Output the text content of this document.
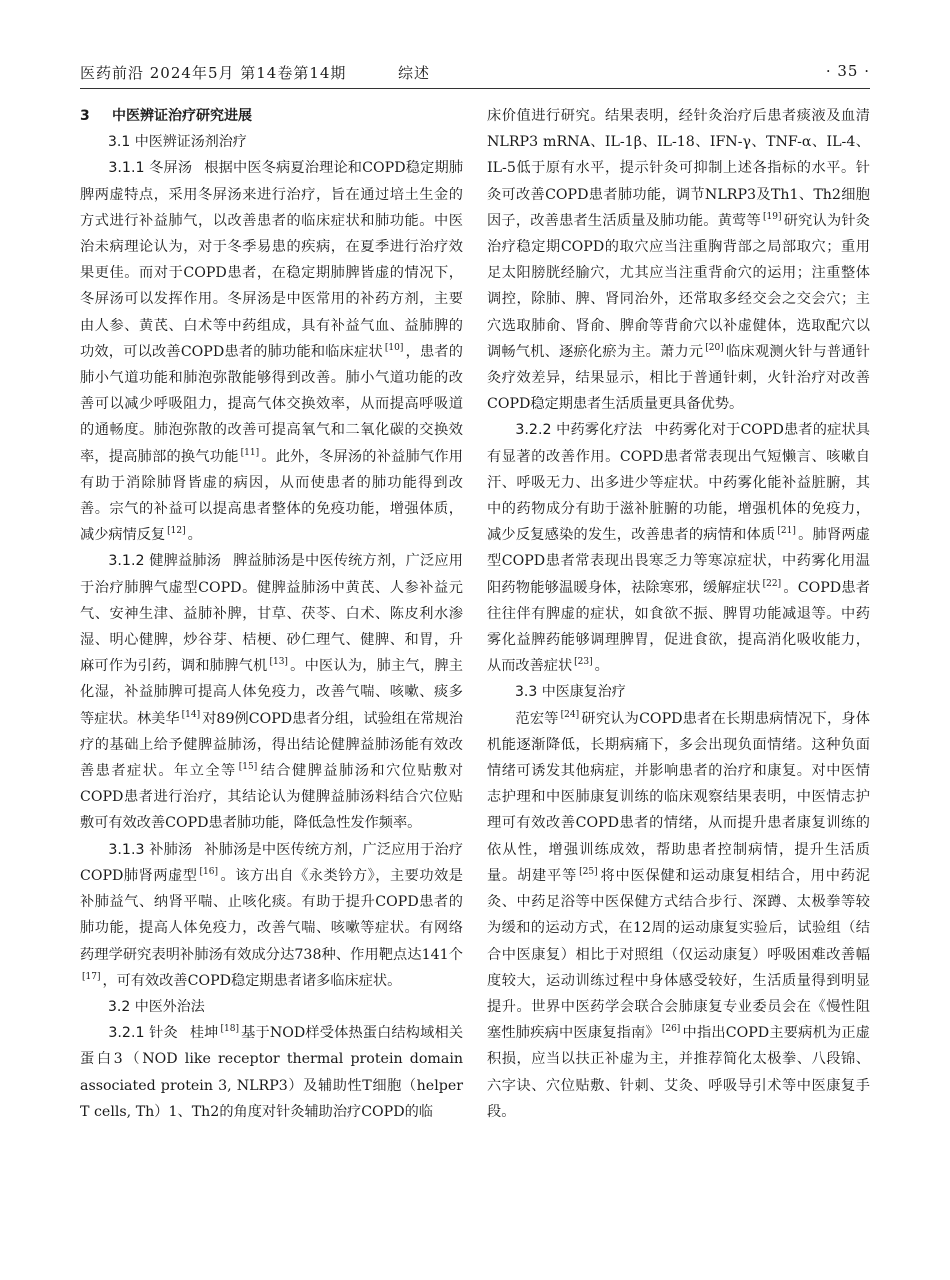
医药前沿 2024年5月 第14卷第14期	综述	· 35 ·

3 中医辨证治疗研究进展

3.1 中医辨证汤剂治疗

3.1.1 冬屏汤 根据中医冬病夏治理论和COPD稳定期肺脾两虚特点，采用冬屏汤来进行治疗，旨在通过培土生金的方式进行补益肺气，以改善患者的临床症状和肺功能。中医治未病理论认为，对于冬季易患的疾病，在夏季进行治疗效果更佳。而对于COPD患者，在稳定期肺脾皆虚的情况下，冬屏汤可以发挥作用。冬屏汤是中医常用的补药方剂，主要由人参、黄芪、白术等中药组成，具有补益气血、益肺脾的功效，可以改善COPD患者的肺功能和临床症状 [10] ，患者的肺小气道功能和肺泡弥散能够得到改善。肺小气道功能的改善可以减少呼吸阻力，提高气体交换效率，从而提高呼吸道的通畅度。肺泡弥散的改善可提高氧气和二氧化碳的交换效率，提高肺部的换气功能 [11] 。此外，冬屏汤的补益肺气作用有助于消除肺肾皆虚的病因，从而使患者的肺功能得到改善。宗气的补益可以提高患者整体的免疫功能，增强体质，减少病情反复 [12] 。

3.1.2 健脾益肺汤 脾益肺汤是中医传统方剂，广泛应用于治疗肺脾气虚型COPD。健脾益肺汤中黄芪、人参补益元气、安神生津、益肺补脾，甘草、茯苓、白术、陈皮利水渗湿、明心健脾，炒谷芽、桔梗、砂仁理气、健脾、和胃，升麻可作为引药，调和肺脾气机 [13] 。中医认为，肺主气，脾主化湿，补益肺脾可提高人体免疫力，改善气喘、咳嗽、痰多等症状。林美华 [14] 对89例COPD患者分组，试验组在常规治疗的基础上给予健脾益肺汤，得出结论健脾益肺汤能有效改善患者症状。年立全等 [15] 结合健脾益肺汤和穴位贴敷对COPD患者进行治疗，其结论认为健脾益肺汤料结合穴位贴敷可有效改善COPD患者肺功能，降低急性发作频率。

3.1.3 补肺汤 补肺汤是中医传统方剂，广泛应用于治疗COPD肺肾两虚型 [16] 。该方出自《永类钤方》，主要功效是补肺益气、纳肾平喘、止咳化痰。有助于提升COPD患者的肺功能，提高人体免疫力，改善气喘、咳嗽等症状。有网络药理学研究表明补肺汤有效成分达738种、作用靶点达141个[17] ，可有效改善COPD稳定期患者诸多临床症状。

3.2 中医外治法

3.2.1 针灸 桂坤 [18] 基于NOD样受体热蛋白结构域相关蛋白3（NOD like receptor thermal protein domain associated protein 3, NLRP3）及辅助性T细胞（helper T cells, Th）1、Th2的角度对针灸辅助治疗COPD的临

床价值进行研究。结果表明，经针灸治疗后患者痰液及血清NLRP3 mRNA、IL-1β、IL-18、IFN-γ、TNF-α、IL-4、IL-5低于原有水平，提示针灸可抑制上述各指标的水平。针灸可改善COPD患者肺功能，调节NLRP3及Th1、Th2细胞因子，改善患者生活质量及肺功能。黄莺等 [19] 研究认为针灸治疗稳定期COPD的取穴应当注重胸背部之局部取穴；重用足太阳膀胱经腧穴，尤其应当注重背俞穴的运用；注重整体调控，除肺、脾、肾同治外，还常取多经交会之交会穴；主穴选取肺俞、肾俞、脾俞等背俞穴以补虚健体，选取配穴以调畅气机、逐瘀化瘀为主。萧力元 [20] 临床观测火针与普通针灸疗效差异，结果显示，相比于普通针刺，火针治疗对改善COPD稳定期患者生活质量更具备优势。

3.2.2 中药雾化疗法 中药雾化对于COPD患者的症状具有显著的改善作用。COPD患者常表现出气短懒言、咳嗽自汗、呼吸无力、出多进少等症状。中药雾化能补益脏腑，其中的药物成分有助于滋补脏腑的功能，增强机体的免疫力，减少反复感染的发生，改善患者的病情和体质 [21] 。肺肾两虚型COPD患者常表现出畏寒乏力等寒凉症状，中药雾化用温阳药物能够温暖身体，祛除寒邪，缓解症状 [22] 。COPD患者往往伴有脾虚的症状，如食欲不振、脾胃功能减退等。中药雾化益脾药能够调理脾胃，促进食欲，提高消化吸收能力，从而改善症状 [23] 。

3.3 中医康复治疗

范宏等 [24] 研究认为COPD患者在长期患病情况下，身体机能逐渐降低，长期病痛下，多会出现负面情绪。这种负面情绪可诱发其他病症，并影响患者的治疗和康复。对中医情志护理和中医肺康复训练的临床观察结果表明，中医情志护理可有效改善COPD患者的情绪，从而提升患者康复训练的依从性，增强训练成效，帮助患者控制病情，提升生活质量。胡建平等 [25] 将中医保健和运动康复相结合，用中药泥灸、中药足浴等中医保健方式结合步行、深蹲、太极拳等较为缓和的运动方式，在12周的运动康复实验后，试验组（结合中医康复）相比于对照组（仅运动康复）呼吸困难改善幅度较大，运动训练过程中身体感受较好，生活质量得到明显提升。世界中医药学会联合会肺康复专业委员会在《慢性阻塞性肺疾病中医康复指南》 [26] 中指出COPD主要病机为正虚积损，应当以扶正补虚为主，并推荐简化太极拳、八段锦、六字诀、穴位贴敷、针刺、艾灸、呼吸导引术等中医康复手段。
